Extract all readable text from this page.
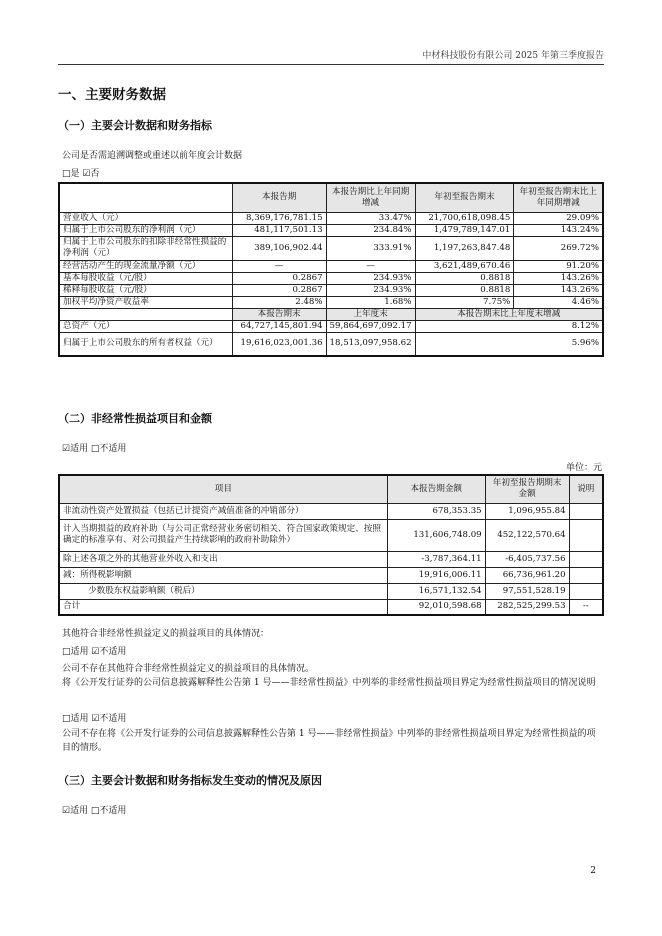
中材科技股份有限公司 2025 年第三季度报告
一、主要财务数据
（一）主要会计数据和财务指标
公司是否需追溯调整或重述以前年度会计数据
□是 ☑否
	本报告期	本报告期比上年同期增减	年初至报告期末	年初至报告期末比上年同期增减
营业收入（元）	8,369,176,781.15	33.47%	21,700,618,098.45	29.09%
归属于上市公司股东的净利润（元）	481,117,501.13	234.84%	1,479,789,147.01	143.24%
归属于上市公司股东的扣除非经常性损益的净利润（元）	389,106,902.44	333.91%	1,197,263,847.48	269.72%
经营活动产生的现金流量净额（元）	—	—	3,621,489,670.46	91.20%
基本每股收益（元/股）	0.2867	234.93%	0.8818	143.26%
稀释每股收益（元/股）	0.2867	234.93%	0.8818	143.26%
加权平均净资产收益率	2.48%	1.68%	7.75%	4.46%
	本报告期末	上年度末	本报告期末比上年度末增减	
总资产（元）	64,727,145,801.94	59,864,697,092.17	8.12%	
归属于上市公司股东的所有者权益（元）	19,616,023,001.36	18,513,097,958.62	5.96%	
（二）非经常性损益项目和金额
☑适用 □不适用
单位：元
项目	本报告期金额	年初至报告期期末金额	说明
非流动性资产处置损益（包括已计提资产减值准备的冲销部分）	678,353.35	1,096,955.84	
计入当期损益的政府补助（与公司正常经营业务密切相关、符合国家政策规定、按照确定的标准享有、对公司损益产生持续影响的政府补助除外）	131,606,748.09	452,122,570.64	
除上述各项之外的其他营业外收入和支出	-3,787,364.11	-6,405,737.56	
减：所得税影响额	19,916,006.11	66,736,961.20	
少数股东权益影响额（税后）	16,571,132.54	97,551,528.19	
合计	92,010,598.68	282,525,299.53	--
其他符合非经常性损益定义的损益项目的具体情况：
□适用 ☑不适用
公司不存在其他符合非经常性损益定义的损益项目的具体情况。
将《公开发行证券的公司信息披露解释性公告第 1 号——非经常性损益》中列举的非经常性损益项目界定为经常性损益项目的情况说明
□适用 ☑不适用
公司不存在将《公开发行证券的公司信息披露解释性公告第 1 号——非经常性损益》中列举的非经常性损益项目界定为经常性损益的项目的情形。
（三）主要会计数据和财务指标发生变动的情况及原因
☑适用 □不适用
2
